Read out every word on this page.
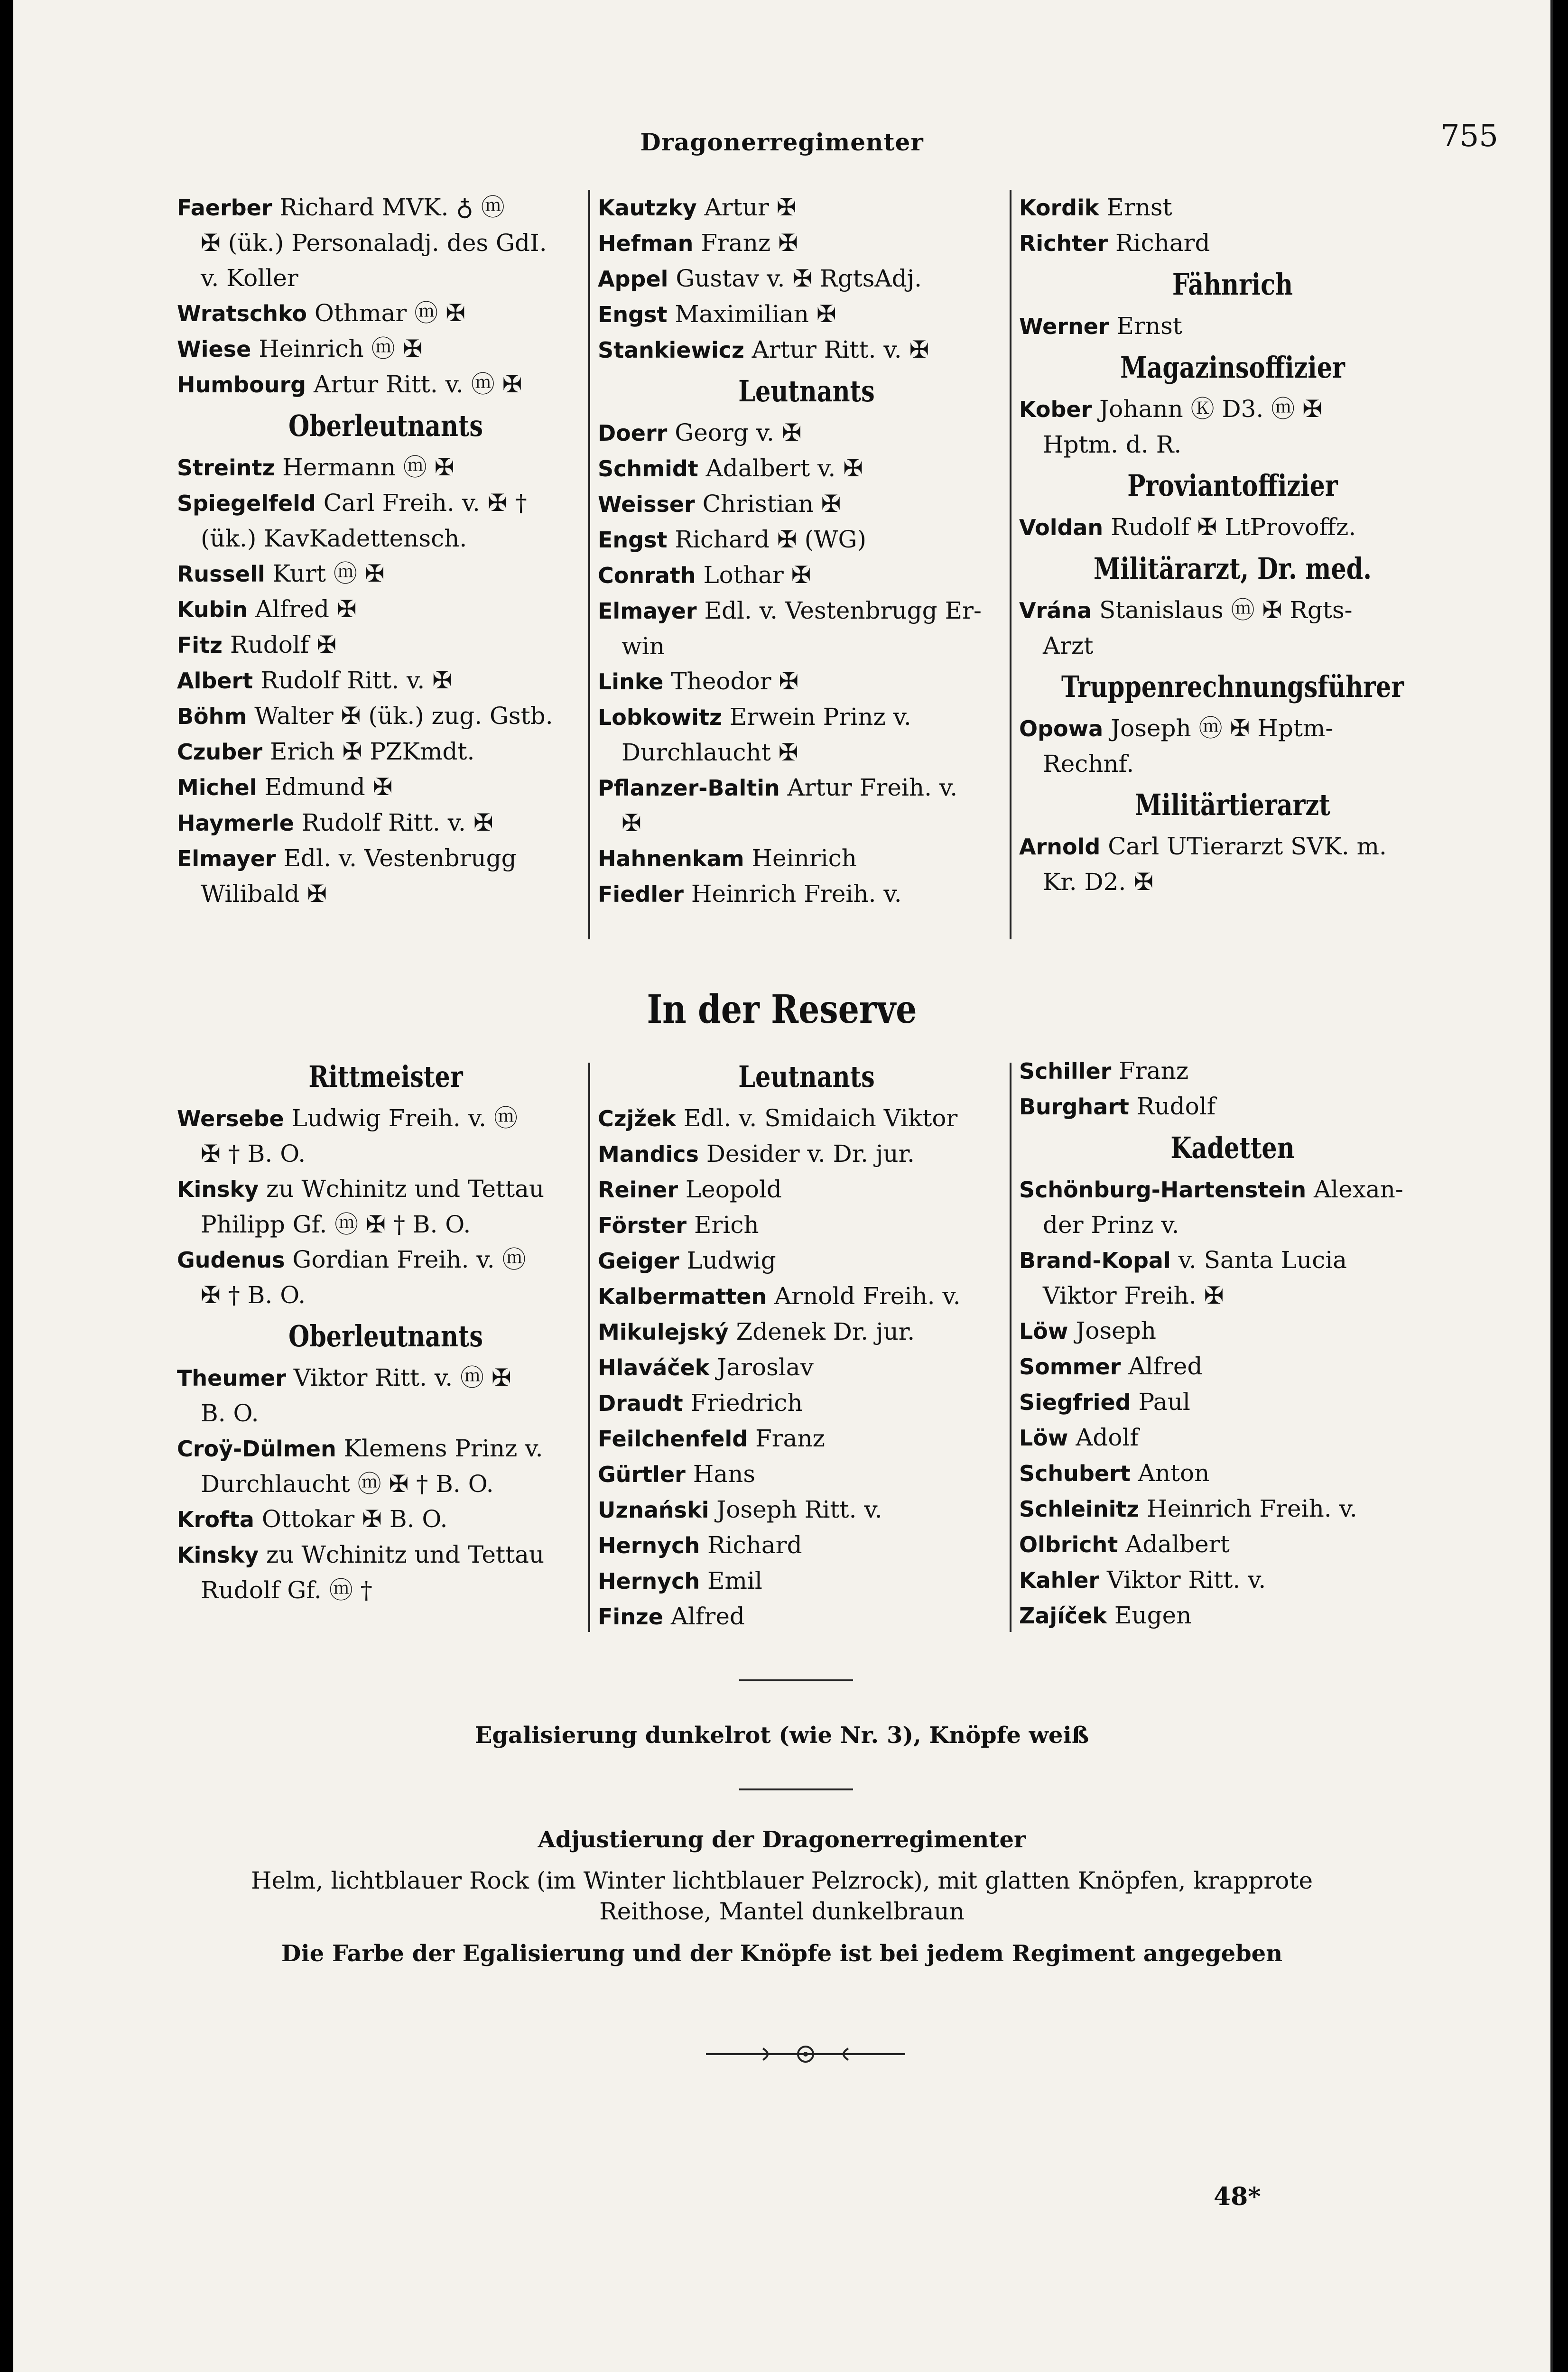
Dragonerregimenter	755
Faerber Richard MVK. ♁ ⓜ
✠ (ük.) Personaladj. des GdI.
v. Koller
Wratschko Othmar ⓜ ✠
Wiese Heinrich ⓜ ✠
Humbourg Artur Ritt. v. ⓜ ✠
Oberleutnants
Streintz Hermann ⓜ ✠
Spiegelfeld Carl Freih. v. ✠ †
(ük.) KavKadettensch.
Russell Kurt ⓜ ✠
Kubin Alfred ✠
Fitz Rudolf ✠
Albert Rudolf Ritt. v. ✠
Böhm Walter ✠ (ük.) zug. Gstb.
Czuber Erich ✠ PZKmdt.
Michel Edmund ✠
Haymerle Rudolf Ritt. v. ✠
Elmayer Edl. v. Vestenbrugg
Wilibald ✠
Kautzky Artur ✠
Hefman Franz ✠
Appel Gustav v. ✠ RgtsAdj.
Engst Maximilian ✠
Stankiewicz Artur Ritt. v. ✠
Leutnants
Doerr Georg v. ✠
Schmidt Adalbert v. ✠
Weisser Christian ✠
Engst Richard ✠ (WG)
Conrath Lothar ✠
Elmayer Edl. v. Vestenbrugg Er-
win
Linke Theodor ✠
Lobkowitz Erwein Prinz v.
Durchlaucht ✠
Pflanzer-Baltin Artur Freih. v.
✠
Hahnenkam Heinrich
Fiedler Heinrich Freih. v.
Kordik Ernst
Richter Richard
Fähnrich
Werner Ernst
Magazinsoffizier
Kober Johann Ⓚ D3. ⓜ ✠
Hptm. d. R.
Proviantoffizier
Voldan Rudolf ✠ LtProvoffz.
Militärarzt, Dr. med.
Vrána Stanislaus ⓜ ✠ Rgts-
Arzt
Truppenrechnungsführer
Opowa Joseph ⓜ ✠ Hptm-
Rechnf.
Militärtierarzt
Arnold Carl UTierarzt SVK. m.
Kr. D2. ✠
In der Reserve
Rittmeister
Wersebe Ludwig Freih. v. ⓜ
✠ † B. O.
Kinsky zu Wchinitz und Tettau
Philipp Gf. ⓜ ✠ † B. O.
Gudenus Gordian Freih. v. ⓜ
✠ † B. O.
Oberleutnants
Theumer Viktor Ritt. v. ⓜ ✠
B. O.
Croÿ-Dülmen Klemens Prinz v.
Durchlaucht ⓜ ✠ † B. O.
Krofta Ottokar ✠ B. O.
Kinsky zu Wchinitz und Tettau
Rudolf Gf. ⓜ †
Leutnants
Czjžek Edl. v. Smidaich Viktor
Mandics Desider v. Dr. jur.
Reiner Leopold
Förster Erich
Geiger Ludwig
Kalbermatten Arnold Freih. v.
Mikulejský Zdenek Dr. jur.
Hlaváček Jaroslav
Draudt Friedrich
Feilchenfeld Franz
Gürtler Hans
Uznański Joseph Ritt. v.
Hernych Richard
Hernych Emil
Finze Alfred
Schiller Franz
Burghart Rudolf
Kadetten
Schönburg-Hartenstein Alexan-
der Prinz v.
Brand-Kopal v. Santa Lucia
Viktor Freih. ✠
Löw Joseph
Sommer Alfred
Siegfried Paul
Löw Adolf
Schubert Anton
Schleinitz Heinrich Freih. v.
Olbricht Adalbert
Kahler Viktor Ritt. v.
Zajíček Eugen
Egalisierung dunkelrot (wie Nr. 3), Knöpfe weiß
Adjustierung der Dragonerregimenter
Helm, lichtblauer Rock (im Winter lichtblauer Pelzrock), mit glatten Knöpfen, krapprote
Reithose, Mantel dunkelbraun
Die Farbe der Egalisierung und der Knöpfe ist bei jedem Regiment angegeben
48*
